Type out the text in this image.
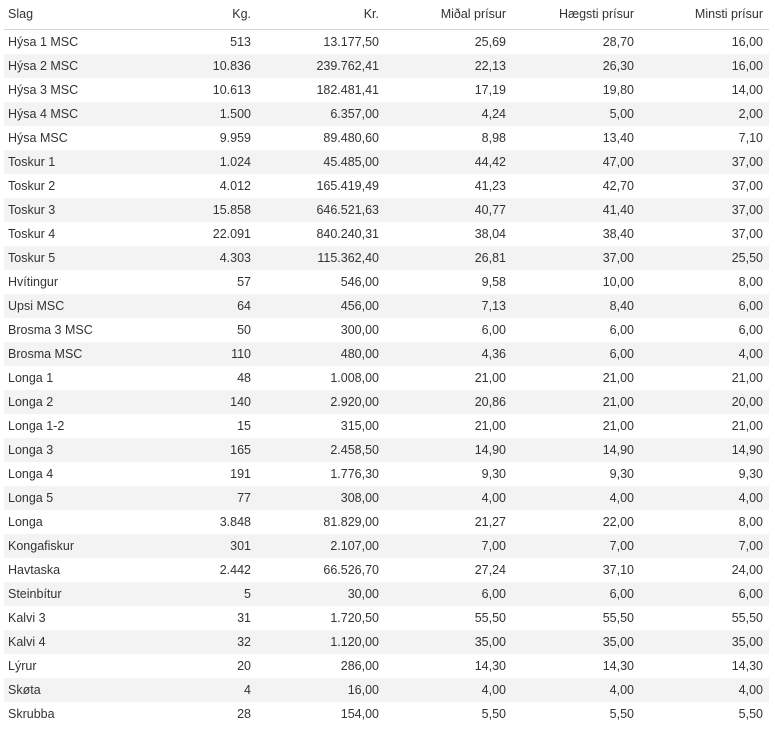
Slag	Kg.	Kr.	Miðal prísur	Hægsti prísur	Minsti prísur
Hýsa 1 MSC	513	13.177,50	25,69	28,70	16,00
Hýsa 2 MSC	10.836	239.762,41	22,13	26,30	16,00
Hýsa 3 MSC	10.613	182.481,41	17,19	19,80	14,00
Hýsa 4 MSC	1.500	6.357,00	4,24	5,00	2,00
Hýsa MSC	9.959	89.480,60	8,98	13,40	7,10
Toskur 1	1.024	45.485,00	44,42	47,00	37,00
Toskur 2	4.012	165.419,49	41,23	42,70	37,00
Toskur 3	15.858	646.521,63	40,77	41,40	37,00
Toskur 4	22.091	840.240,31	38,04	38,40	37,00
Toskur 5	4.303	115.362,40	26,81	37,00	25,50
Hvítingur	57	546,00	9,58	10,00	8,00
Upsi MSC	64	456,00	7,13	8,40	6,00
Brosma 3 MSC	50	300,00	6,00	6,00	6,00
Brosma MSC	110	480,00	4,36	6,00	4,00
Longa 1	48	1.008,00	21,00	21,00	21,00
Longa 2	140	2.920,00	20,86	21,00	20,00
Longa 1-2	15	315,00	21,00	21,00	21,00
Longa 3	165	2.458,50	14,90	14,90	14,90
Longa 4	191	1.776,30	9,30	9,30	9,30
Longa 5	77	308,00	4,00	4,00	4,00
Longa	3.848	81.829,00	21,27	22,00	8,00
Kongafiskur	301	2.107,00	7,00	7,00	7,00
Havtaska	2.442	66.526,70	27,24	37,10	24,00
Steinbítur	5	30,00	6,00	6,00	6,00
Kalvi 3	31	1.720,50	55,50	55,50	55,50
Kalvi 4	32	1.120,00	35,00	35,00	35,00
Lýrur	20	286,00	14,30	14,30	14,30
Skøta	4	16,00	4,00	4,00	4,00
Skrubba	28	154,00	5,50	5,50	5,50
